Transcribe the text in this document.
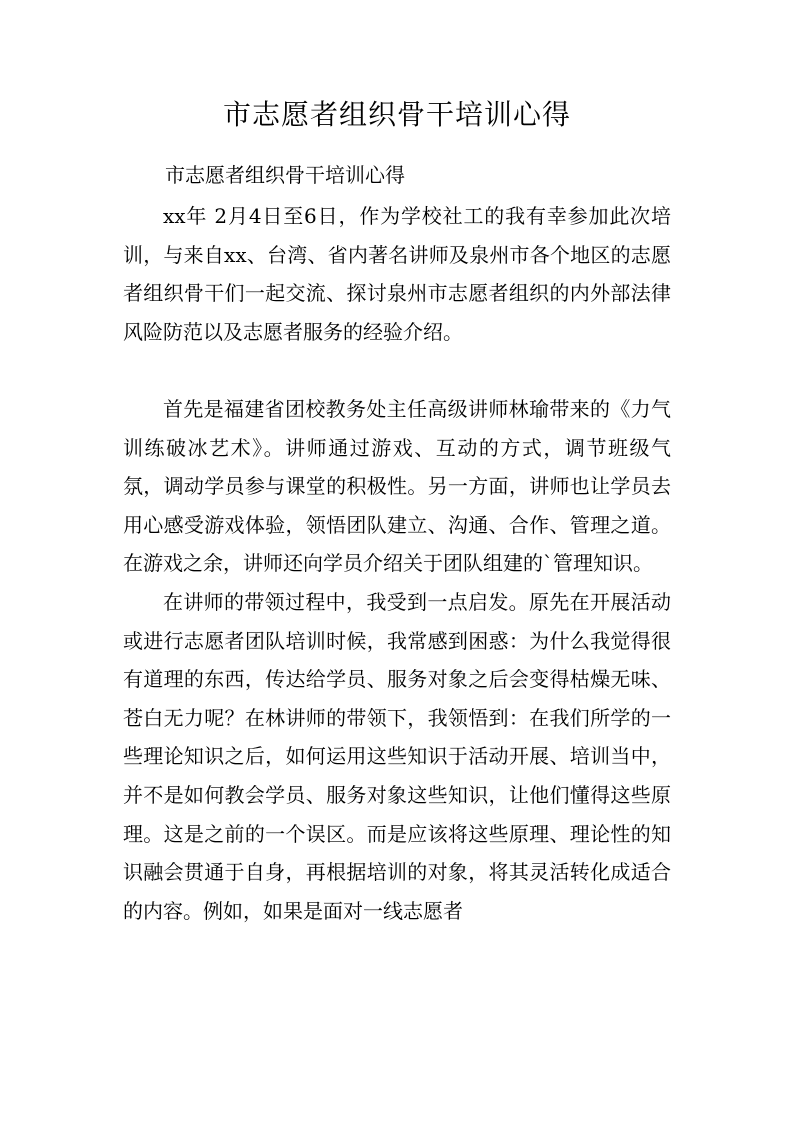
市志愿者组织骨干培训心得

市志愿者组织骨干培训心得

xx年 2月4日至6日，作为学校社工的我有幸参加此次培训，与来自xx、台湾、省内著名讲师及泉州市各个地区的志愿者组织骨干们一起交流、探讨泉州市志愿者组织的内外部法律风险防范以及志愿者服务的经验介绍。

首先是福建省团校教务处主任高级讲师林瑜带来的《力气训练破冰艺术》。讲师通过游戏、互动的方式，调节班级气氛，调动学员参与课堂的积极性。另一方面，讲师也让学员去用心感受游戏体验，领悟团队建立、沟通、合作、管理之道。在游戏之余，讲师还向学员介绍关于团队组建的`管理知识。

在讲师的带领过程中，我受到一点启发。原先在开展活动或进行志愿者团队培训时候，我常感到困惑：为什么我觉得很有道理的东西，传达给学员、服务对象之后会变得枯燥无味、苍白无力呢？在林讲师的带领下，我领悟到：在我们所学的一些理论知识之后，如何运用这些知识于活动开展、培训当中，并不是如何教会学员、服务对象这些知识，让他们懂得这些原理。这是之前的一个误区。而是应该将这些原理、理论性的知识融会贯通于自身，再根据培训的对象，将其灵活转化成适合的内容。例如，如果是面对一线志愿者
